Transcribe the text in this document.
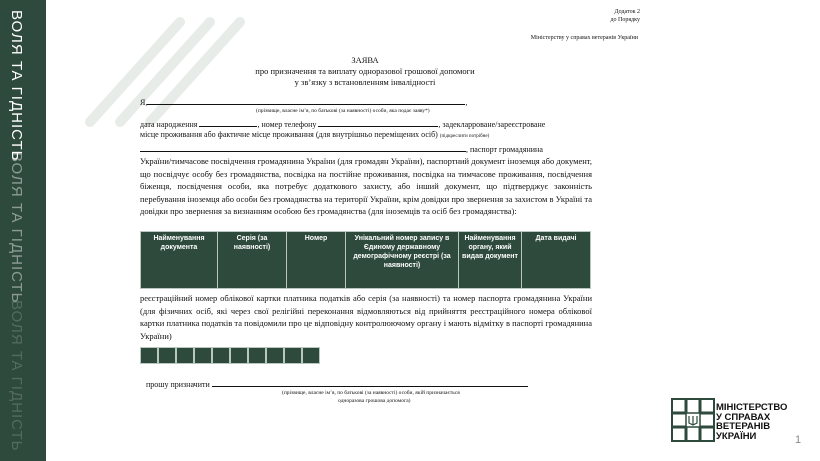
ВОЛЯ ТА ГІДНІСТЬ
ВОЛЯ ТА ГІДНІСТЬ
ВОЛЯ ТА ГІДНІСТЬ
Додаток 2
до Порядку
Міністерству у справах ветеранів України
ЗАЯВА
про призначення та виплату одноразової грошової допомоги
у зв’язку з встановленням інвалідності
Я,	,
(прізвище, власне ім’я, по батькові (за наявності) особи, яка подає заяву*)
дата народження	, номер телефону	, задекларроване/зареєстроване
місце проживання або фактичне місце проживання (для внутрішньо переміщених осіб) (підкреслити потрібне)
, паспорт громадянина
України/тимчасове посвідчення громадянина України (для громадян України), паспортний документ іноземця або документ, що посвідчує особу без громадянства, посвідка на постійне проживання, посвідка на тимчасове проживання, посвідчення біженця, посвідчення особи, яка потребує додаткового захисту, або інший документ, що підтверджує законність перебування іноземця або особи без громадянства на території України, крім довідки про звернення за захистом в Україні та довідки про звернення за визнанням особою без громадянства (для іноземців та осіб без громадянства):
Найменування документа	Серія (за наявності)	Номер	Унікальний номер запису в Єдиному державному демографічному реєстрі (за наявності)	Найменування органу, який видав документ	Дата видачі
реєстраційний номер облікової картки платника податків або серія (за наявності) та номер паспорта громадянина України (для фізичних осіб, які через свої релігійні переконання відмовляються від прийняття реєстраційного номера облікової картки платника податків та повідомили про це відповідну контролюючому органу і мають відмітку в паспорті громадянина України)
прошу призначити
(прізвище, власне ім’я, по батькові (за наявності) особи, якій призначається
одноразова грошова допомога)
МІНІСТЕРСТВО
У СПРАВАХ
ВЕТЕРАНІВ
УКРАЇНИ	1
